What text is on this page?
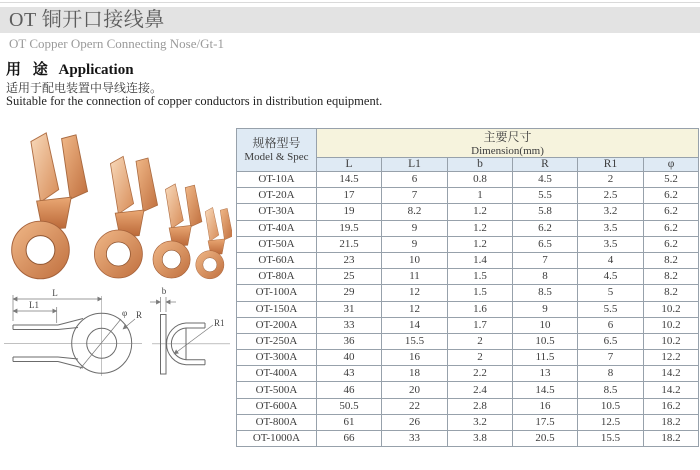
OT 铜开口接线鼻
OT Copper Opern Connecting Nose/Gt-1
用 途 Application
适用于配电装置中导线连接。
Suitable for the connection of copper conductors in distribution equipment.
L
L1
φ R
b
R1
规格型号
Model & Spec

主要尺寸
Dimension(mm)

	L	L1	b	R	R1	φ
OT-10A	14.5	6	0.8	4.5	2	5.2
OT-20A	17	7	1	5.5	2.5	6.2
OT-30A	19	8.2	1.2	5.8	3.2	6.2
OT-40A	19.5	9	1.2	6.2	3.5	6.2
OT-50A	21.5	9	1.2	6.5	3.5	6.2
OT-60A	23	10	1.4	7	4	8.2
OT-80A	25	11	1.5	8	4.5	8.2
OT-100A	29	12	1.5	8.5	5	8.2
OT-150A	31	12	1.6	9	5.5	10.2
OT-200A	33	14	1.7	10	6	10.2
OT-250A	36	15.5	2	10.5	6.5	10.2
OT-300A	40	16	2	11.5	7	12.2
OT-400A	43	18	2.2	13	8	14.2
OT-500A	46	20	2.4	14.5	8.5	14.2
OT-600A	50.5	22	2.8	16	10.5	16.2
OT-800A	61	26	3.2	17.5	12.5	18.2
OT-1000A	66	33	3.8	20.5	15.5	18.2
